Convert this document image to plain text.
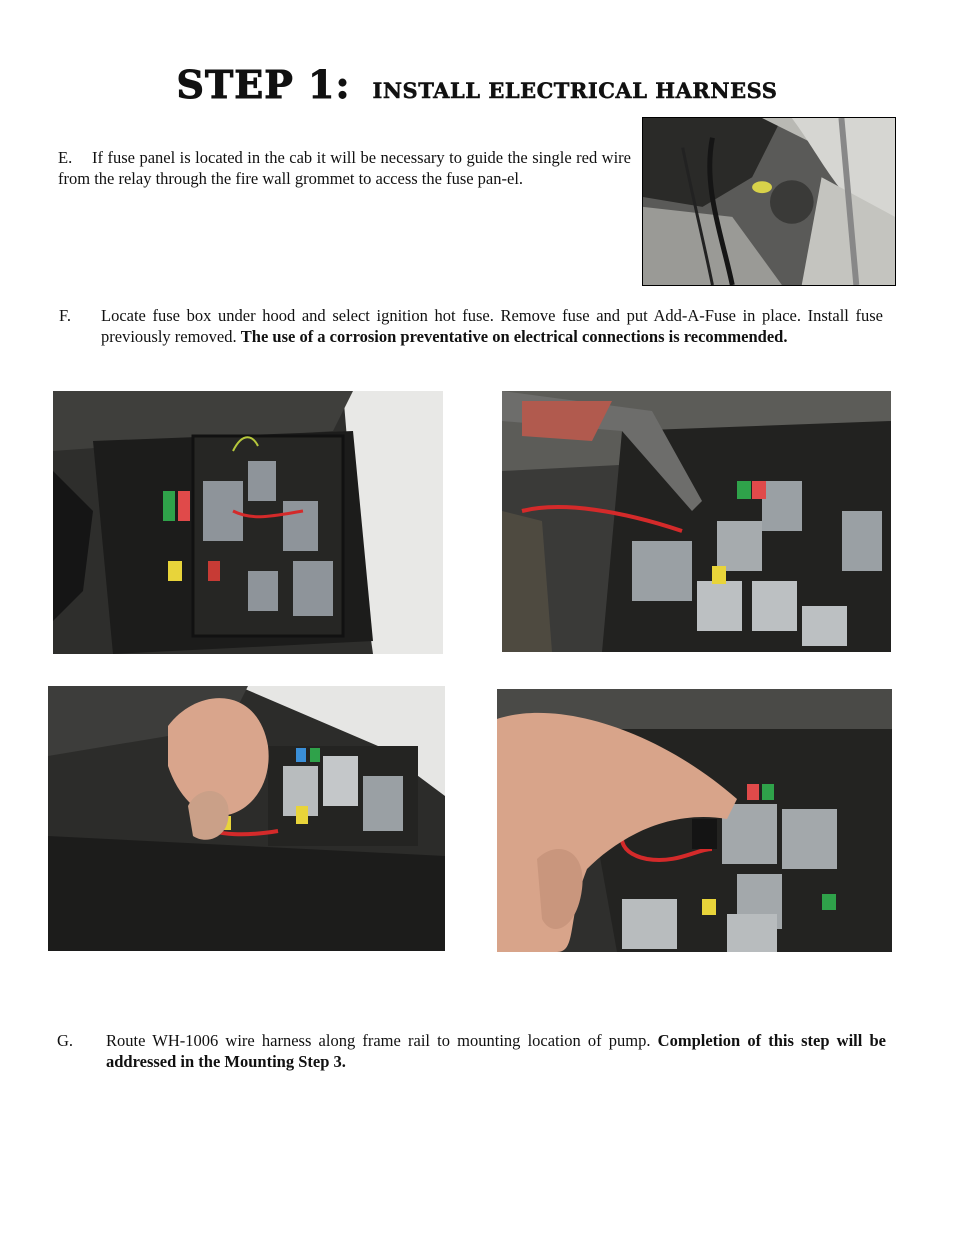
STEP 1: INSTALL ELECTRICAL HARNESS
E. If fuse panel is located in the cab it will be necessary to guide the single red wire from the relay through the fire wall grommet to access the fuse pan-el.
F. Locate fuse box under hood and select ignition hot fuse. Remove fuse and put Add-A-Fuse in place. Install fuse previously removed. The use of a corrosion preventative on electrical connections is recommended.
G. Route WH-1006 wire harness along frame rail to mounting location of pump. Completion of this step will be addressed in the Mounting Step 3.
